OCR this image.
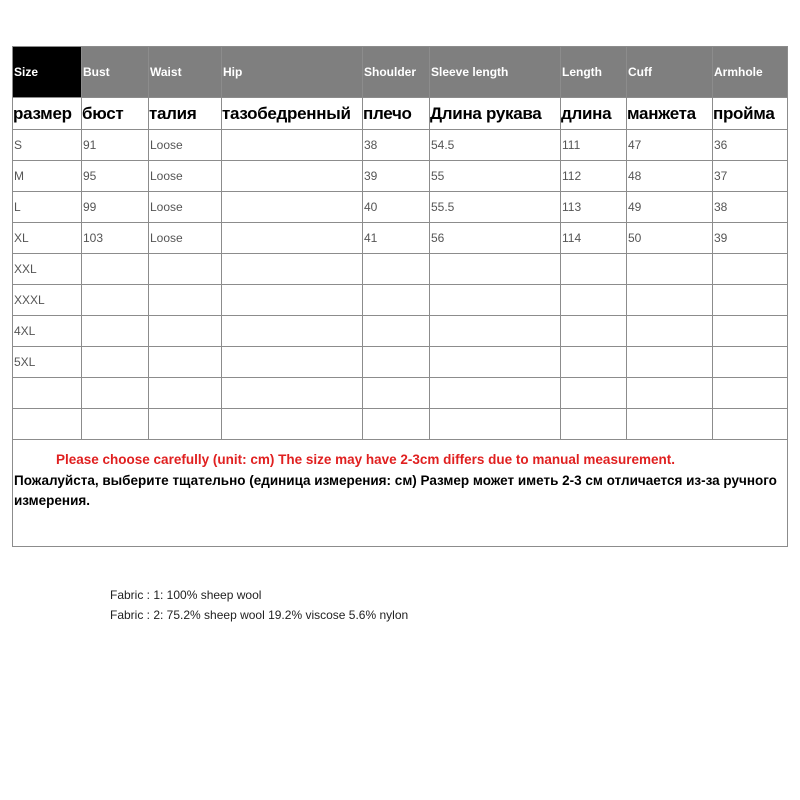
Size	Bust	Waist	Hip	Shoulder	Sleeve length	Length	Cuff	Armhole
размер	бюст	талия	тазобедренный	плечо	Длина рукава	длина	манжета	пройма
S	91	Loose		38	54.5	111	47	36
M	95	Loose		39	55	112	48	37
L	99	Loose		40	55.5	113	49	38
XL	103	Loose		41	56	114	50	39
XXL								
XXXL								
4XL								
5XL								

Please choose carefully (unit: cm) The size may have 2-3cm differs due to manual measurement.
Пожалуйста, выберите тщательно (единица измерения: см) Размер может иметь 2-3 см отличается из-за ручного измерения.								
Fabric : 1: 100% sheep wool
Fabric : 2: 75.2% sheep wool 19.2% viscose 5.6% nylon
